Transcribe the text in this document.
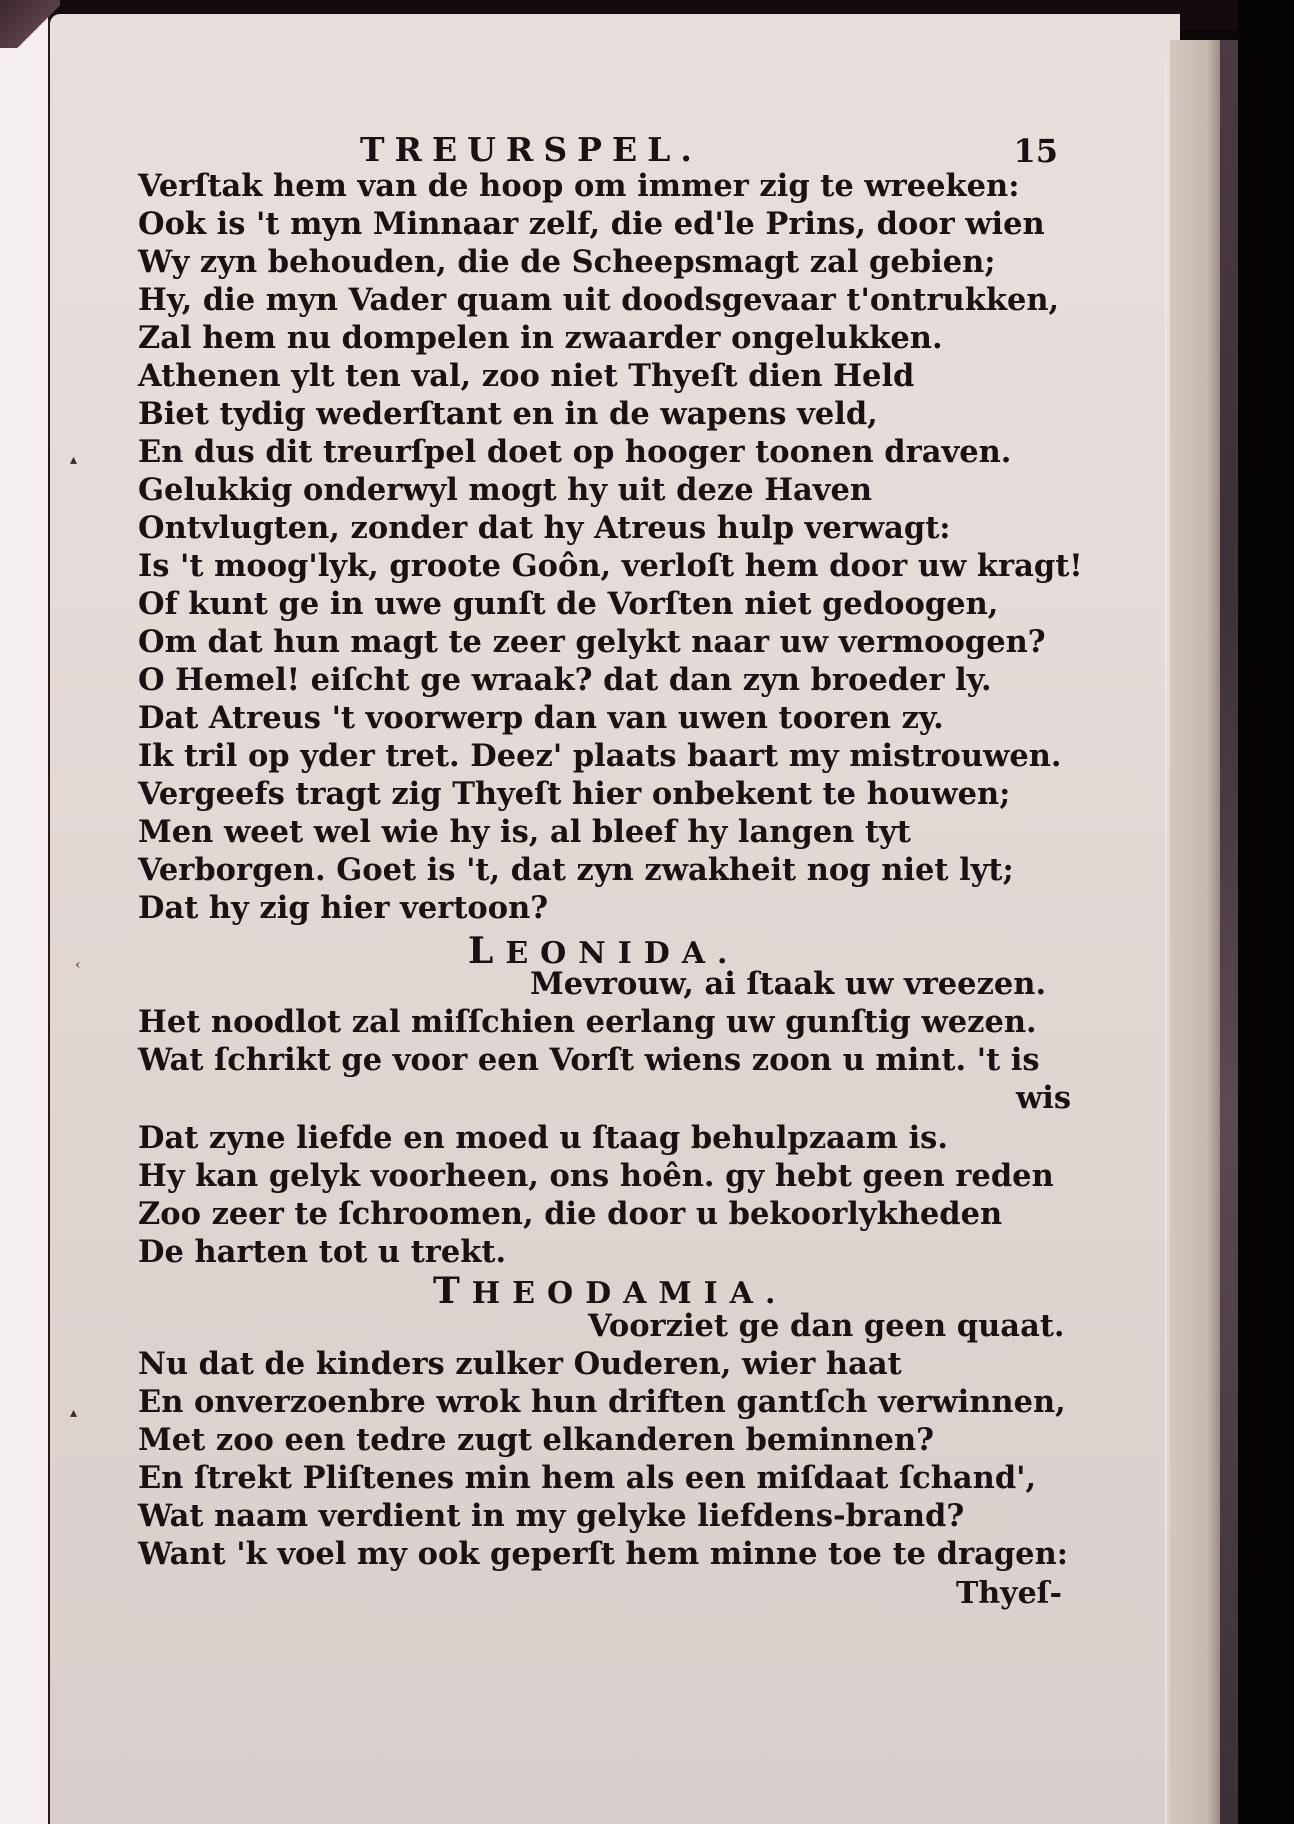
▴
‹
▴
TREURSPEL.	15
Verſtak hem van de hoop om immer zig te wreeken:
Ook is 't myn Minnaar zelf, die ed'le Prins, door wien
Wy zyn behouden, die de Scheepsmagt zal gebien;
Hy, die myn Vader quam uit doodsgevaar t'ontrukken,
Zal hem nu dompelen in zwaarder ongelukken.
Athenen ylt ten val, zoo niet Thyeſt dien Held
Biet tydig wederſtant en in de wapens veld,
En dus dit treurſpel doet op hooger toonen draven.
Gelukkig onderwyl mogt hy uit deze Haven
Ontvlugten, zonder dat hy Atreus hulp verwagt:
Is 't moog'lyk, groote Goôn, verloſt hem door uw kragt!
Of kunt ge in uwe gunſt de Vorſten niet gedoogen,
Om dat hun magt te zeer gelykt naar uw vermoogen?
O Hemel! eiſcht ge wraak? dat dan zyn broeder ly.
Dat Atreus 't voorwerp dan van uwen tooren zy.
Ik tril op yder tret. Deez' plaats baart my mistrouwen.
Vergeefs tragt zig Thyeſt hier onbekent te houwen;
Men weet wel wie hy is, al bleef hy langen tyt
Verborgen. Goet is 't, dat zyn zwakheit nog niet lyt;
Dat hy zig hier vertoon?
LEONIDA.
Mevrouw, ai ſtaak uw vreezen.
Het noodlot zal miſſchien eerlang uw gunſtig wezen.
Wat ſchrikt ge voor een Vorſt wiens zoon u mint. 't is
wis
Dat zyne liefde en moed u ſtaag behulpzaam is.
Hy kan gelyk voorheen, ons hoên. gy hebt geen reden
Zoo zeer te ſchroomen, die door u bekoorlykheden
De harten tot u trekt.
THEODAMIA.
Voorziet ge dan geen quaat.
Nu dat de kinders zulker Ouderen, wier haat
En onverzoenbre wrok hun driften gantſch verwinnen,
Met zoo een tedre zugt elkanderen beminnen?
En ſtrekt Pliſtenes min hem als een miſdaat ſchand',
Wat naam verdient in my gelyke liefdens-brand?
Want 'k voel my ook geperſt hem minne toe te dragen:
Thyeſ-
